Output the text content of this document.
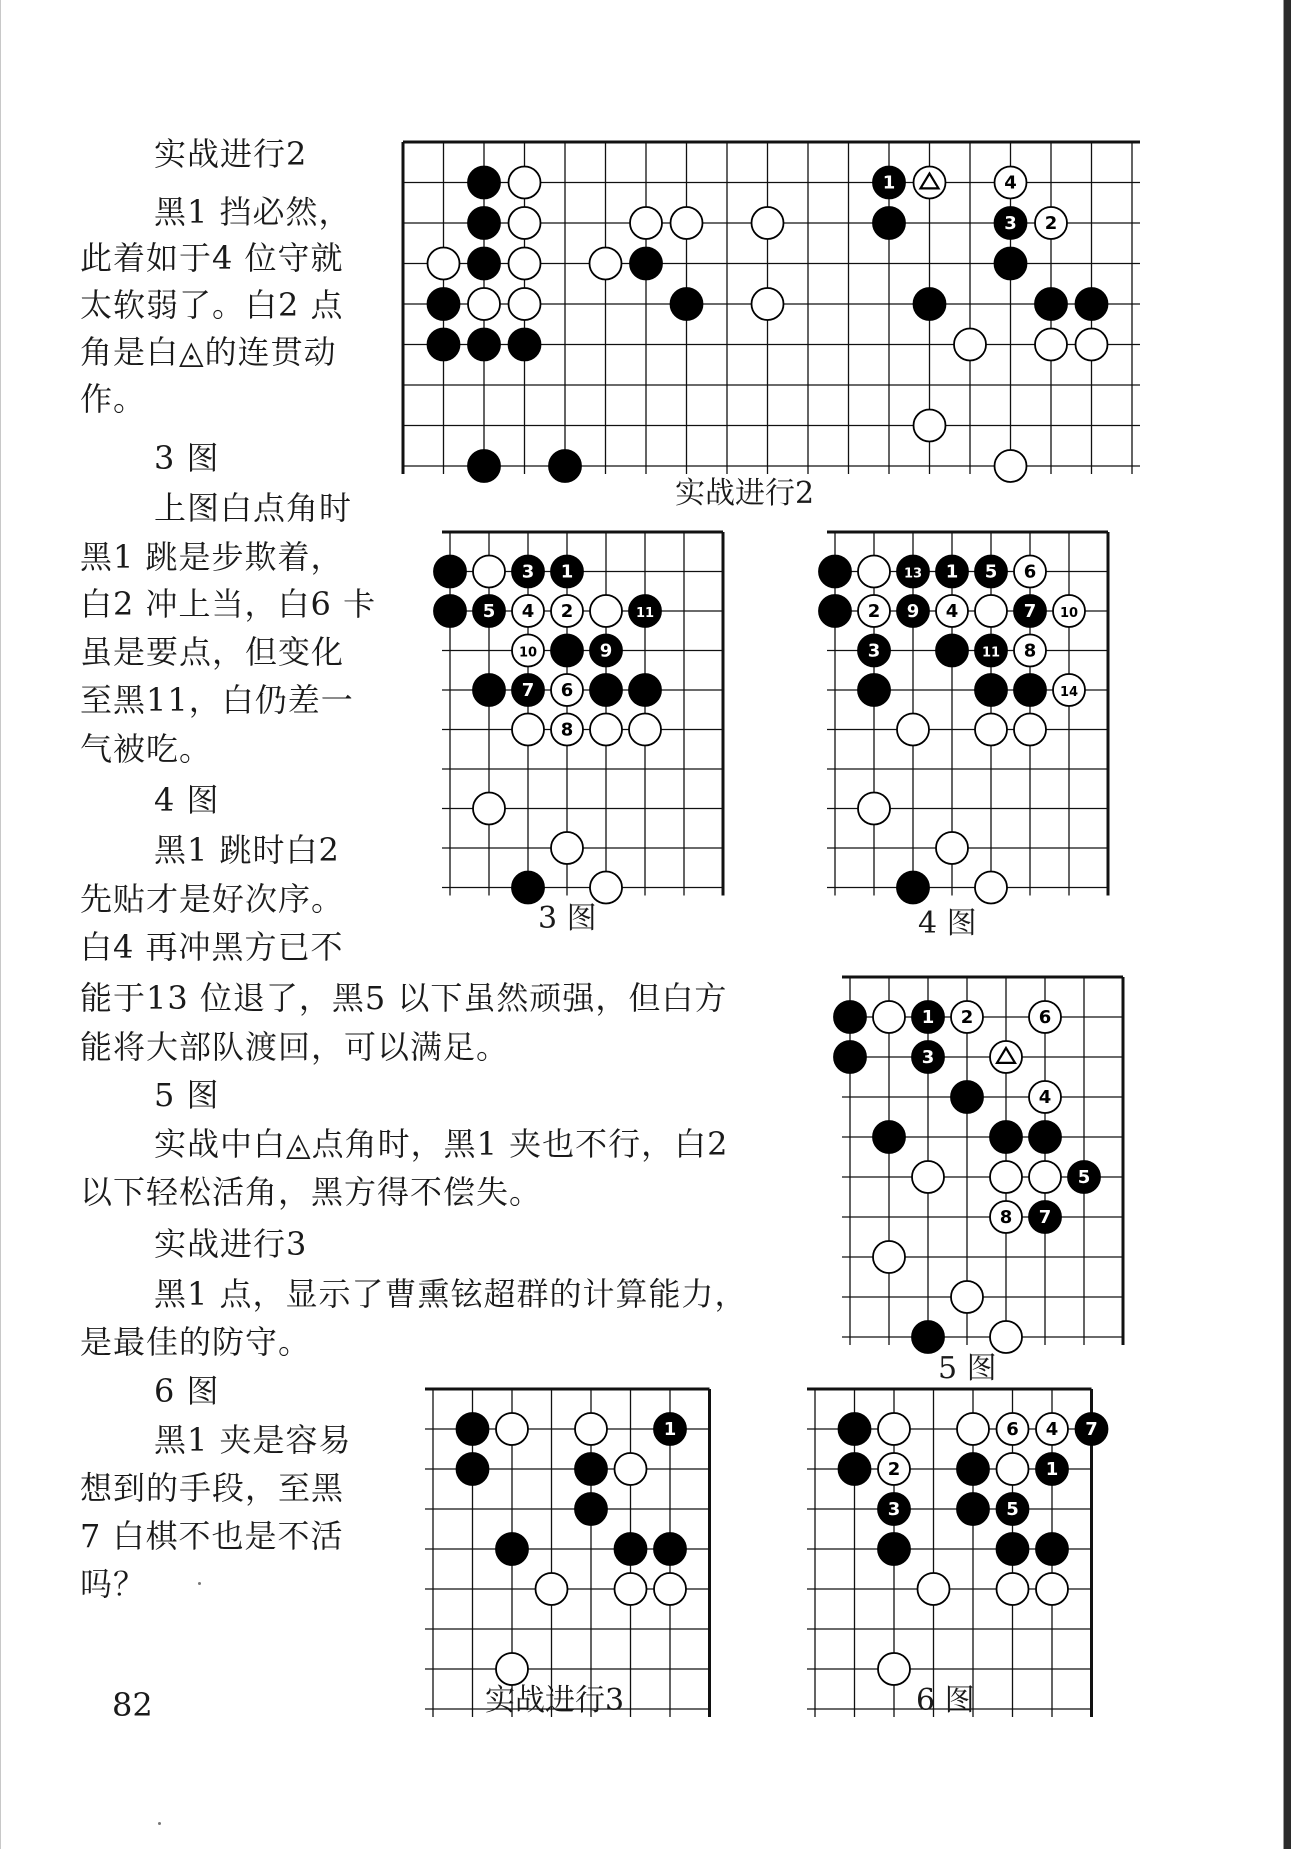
实战进行2
黑1 挡必然，
此着如于4 位守就
太软弱了。白2 点
角是白◬的连贯动
作。
3 图
上图白点角时
黑1 跳是步欺着，
白2 冲上当，白6 卡
虽是要点，但变化
至黑11，白仍差一
气被吃。
4 图
黑1 跳时白2
先贴才是好次序。
白4 再冲黑方已不
能于13 位退了，黑5 以下虽然顽强，但白方
能将大部队渡回，可以满足。
5 图
实战中白◬点角时，黑1 夹也不行，白2
以下轻松活角，黑方得不偿失。
实战进行3
黑1 点，显示了曹熏铉超群的计算能力，
是最佳的防守。
6 图
黑1 夹是容易
想到的手段，至黑
7 白棋不也是不活
吗？
82
1	4
3 2
实战进行2
3 1
5 4 2	11
10	9
7 6
8
3 图
13 1 5 6
2 9 4	7 10
3	11 8
14
4 图
1 2	6
3
4
5
8 7
5 图
1
实战进行3
6 4 7
2	1
3	5
6 图
